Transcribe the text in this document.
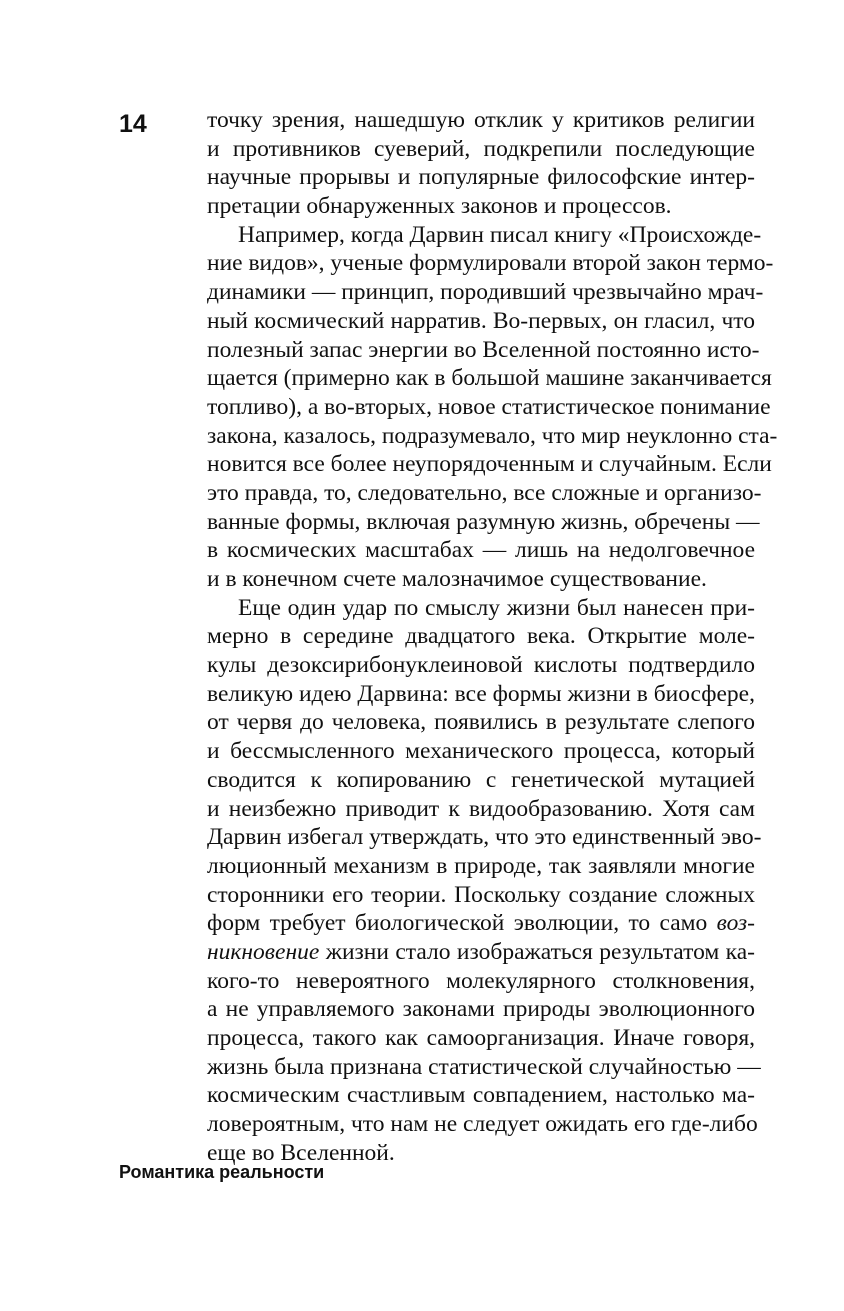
14	точку зрения, нашедшую отклик у критиков религии
и противников суеверий, подкрепили последующие
научные прорывы и популярные философские интер-
претации обнаруженных законов и процессов.
Например, когда Дарвин писал книгу «Происхожде-
ние видов», ученые формулировали второй закон термо-
динамики — принцип, породивший чрезвычайно мрач-
ный космический нарратив. Во-первых, он гласил, что
полезный запас энергии во Вселенной постоянно исто-
щается (примерно как в большой машине заканчивается
топливо), а во-вторых, новое статистическое понимание
закона, казалось, подразумевало, что мир неуклонно ста-
новится все более неупорядоченным и случайным. Если
это правда, то, следовательно, все сложные и организо-
ванные формы, включая разумную жизнь, обречены —
в космических масштабах — лишь на недолговечное
и в конечном счете малозначимое существование.
Еще один удар по смыслу жизни был нанесен при-
мерно в середине двадцатого века. Открытие моле-
кулы дезоксирибонуклеиновой кислоты подтвердило
великую идею Дарвина: все формы жизни в биосфере,
от червя до человека, появились в результате слепого
и бессмысленного механического процесса, который
сводится к копированию с генетической мутацией
и неизбежно приводит к видообразованию. Хотя сам
Дарвин избегал утверждать, что это единственный эво-
люционный механизм в природе, так заявляли многие
сторонники его теории. Поскольку создание сложных
форм требует биологической эволюции, то само воз-
никновение жизни стало изображаться результатом ка-
кого-то невероятного молекулярного столкновения,
а не управляемого законами природы эволюционного
процесса, такого как самоорганизация. Иначе говоря,
жизнь была признана статистической случайностью —
космическим счастливым совпадением, настолько ма-
ловероятным, что нам не следует ожидать его где-либо
еще во Вселенной.
Романтика реальности
